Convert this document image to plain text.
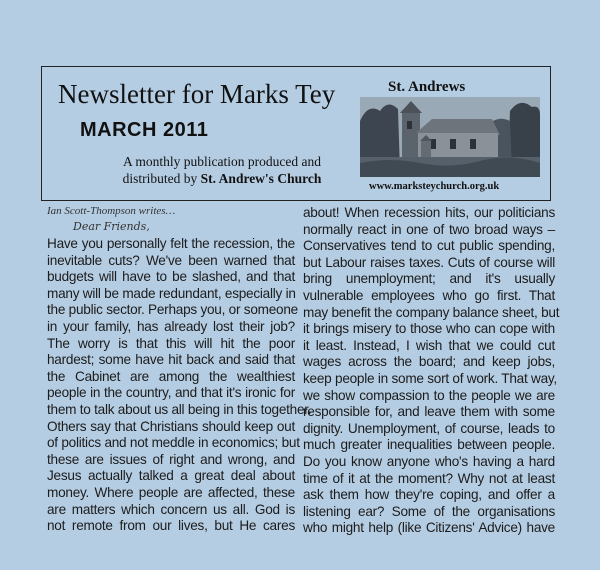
Newsletter for Marks Tey
MARCH 2011
A monthly publication produced and
distributed by St. Andrew's Church
St. Andrews
www.marksteychurch.org.uk
Ian Scott-Thompson writes…
Dear Friends,
Have you personally felt the recession, the
inevitable cuts? We've been warned that
budgets will have to be slashed, and that
many will be made redundant, especially in
the public sector. Perhaps you, or someone
in your family, has already lost their job?
The worry is that this will hit the poor
hardest; some have hit back and said that
the Cabinet are among the wealthiest
people in the country, and that it's ironic for
them to talk about us all being in this together.
Others say that Christians should keep out
of politics and not meddle in economics; but
these are issues of right and wrong, and
Jesus actually talked a great deal about
money. Where people are affected, these
are matters which concern us all. God is
not remote from our lives, but He cares
about! When recession hits, our politicians
normally react in one of two broad ways –
Conservatives tend to cut public spending,
but Labour raises taxes. Cuts of course will
bring unemployment; and it's usually
vulnerable employees who go first. That
may benefit the company balance sheet, but
it brings misery to those who can cope with
it least. Instead, I wish that we could cut
wages across the board; and keep jobs,
keep people in some sort of work. That way,
we show compassion to the people we are
responsible for, and leave them with some
dignity. Unemployment, of course, leads to
much greater inequalities between people.
Do you know anyone who's having a hard
time of it at the moment? Why not at least
ask them how they're coping, and offer a
listening ear? Some of the organisations
who might help (like Citizens' Advice) have
